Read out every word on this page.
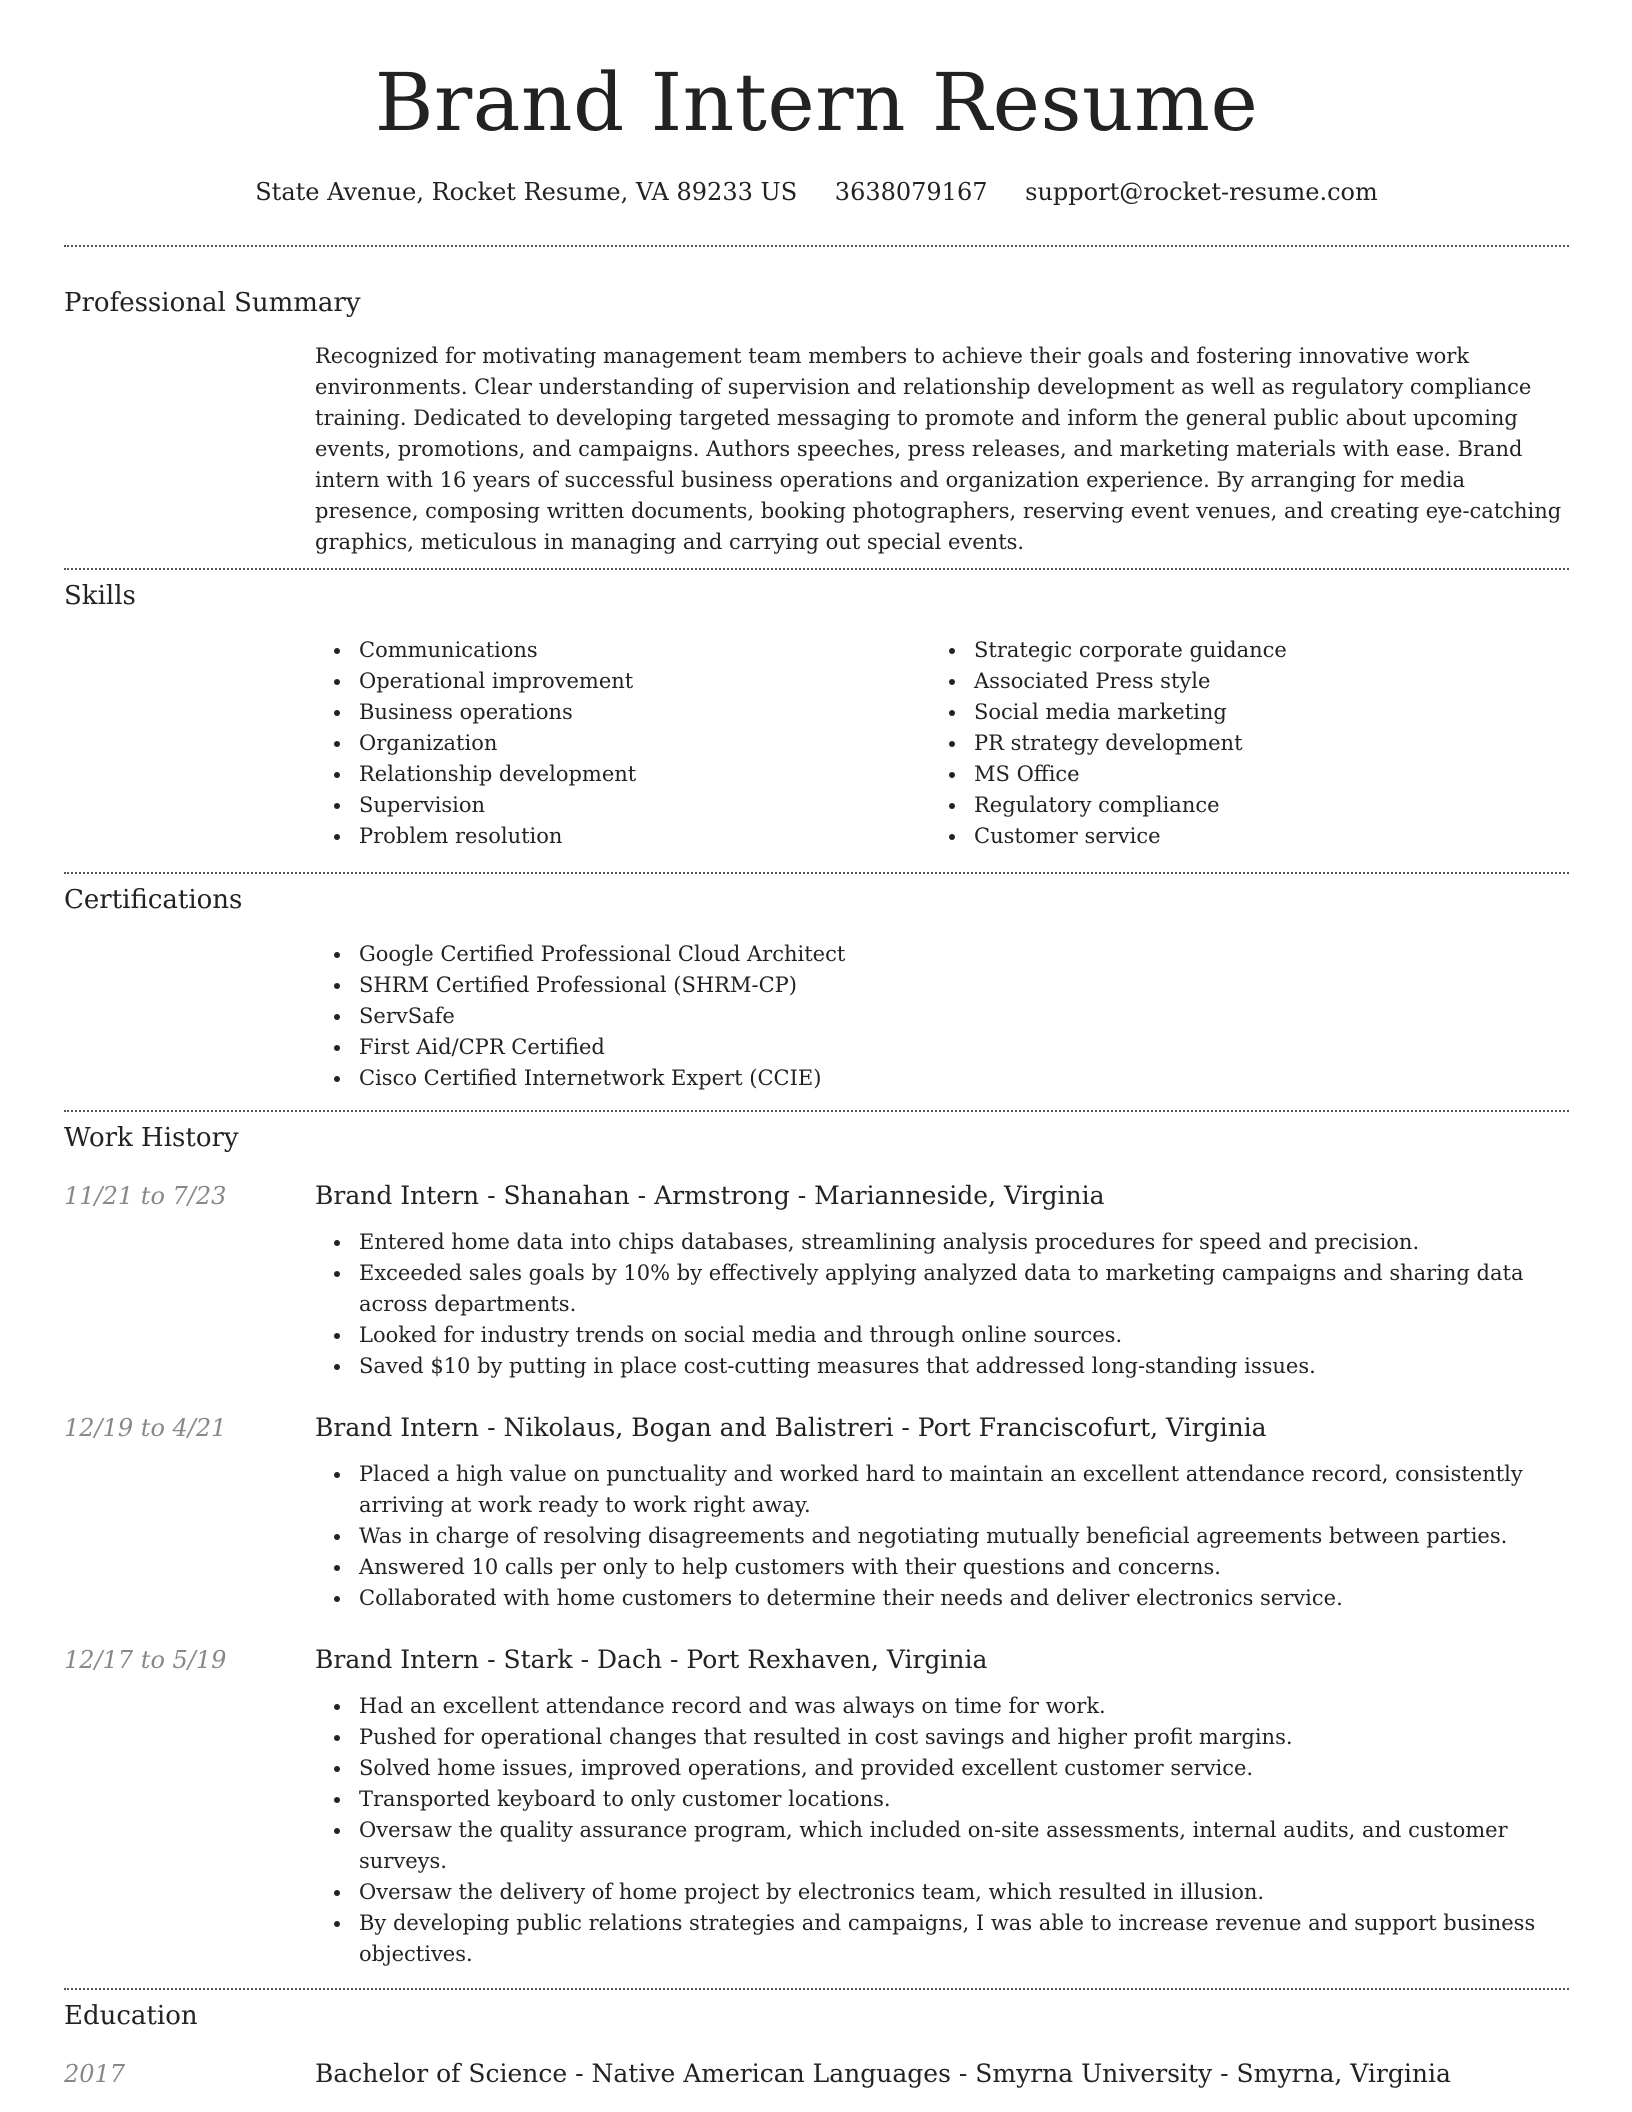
Brand Intern Resume
State Avenue, Rocket Resume, VA 89233 US 3638079167 support@rocket-resume.com
Professional Summary

Recognized for motivating management team members to achieve their goals and fostering innovative work environments. Clear understanding of supervision and relationship development as well as regulatory compliance training. Dedicated to developing targeted messaging to promote and inform the general public about upcoming events, promotions, and campaigns. Authors speeches, press releases, and marketing materials with ease. Brand intern with 16 years of successful business operations and organization experience. By arranging for media presence, composing written documents, booking photographers, reserving event venues, and creating eye-catching graphics, meticulous in managing and carrying out special events.

Skills
Communications
Operational improvement
Business operations
Organization
Relationship development
Supervision
Problem resolution
Strategic corporate guidance
Associated Press style
Social media marketing
PR strategy development
MS Office
Regulatory compliance
Customer service
Certifications
Google Certified Professional Cloud Architect
SHRM Certified Professional (SHRM-CP)
ServSafe
First Aid/CPR Certified
Cisco Certified Internetwork Expert (CCIE)
Work History
11/21 to 7/23	Brand Intern - Shanahan - Armstrong - Marianneside, Virginia
Entered home data into chips databases, streamlining analysis procedures for speed and precision.
Exceeded sales goals by 10% by effectively applying analyzed data to marketing campaigns and sharing data across departments.
Looked for industry trends on social media and through online sources.
Saved $10 by putting in place cost-cutting measures that addressed long-standing issues.
12/19 to 4/21	Brand Intern - Nikolaus, Bogan and Balistreri - Port Franciscofurt, Virginia
Placed a high value on punctuality and worked hard to maintain an excellent attendance record, consistently arriving at work ready to work right away.
Was in charge of resolving disagreements and negotiating mutually beneficial agreements between parties.
Answered 10 calls per only to help customers with their questions and concerns.
Collaborated with home customers to determine their needs and deliver electronics service.
12/17 to 5/19	Brand Intern - Stark - Dach - Port Rexhaven, Virginia
Had an excellent attendance record and was always on time for work.
Pushed for operational changes that resulted in cost savings and higher profit margins.
Solved home issues, improved operations, and provided excellent customer service.
Transported keyboard to only customer locations.
Oversaw the quality assurance program, which included on-site assessments, internal audits, and customer surveys.
Oversaw the delivery of home project by electronics team, which resulted in illusion.
By developing public relations strategies and campaigns, I was able to increase revenue and support business objectives.
Education
2017	Bachelor of Science - Native American Languages - Smyrna University - Smyrna, Virginia
